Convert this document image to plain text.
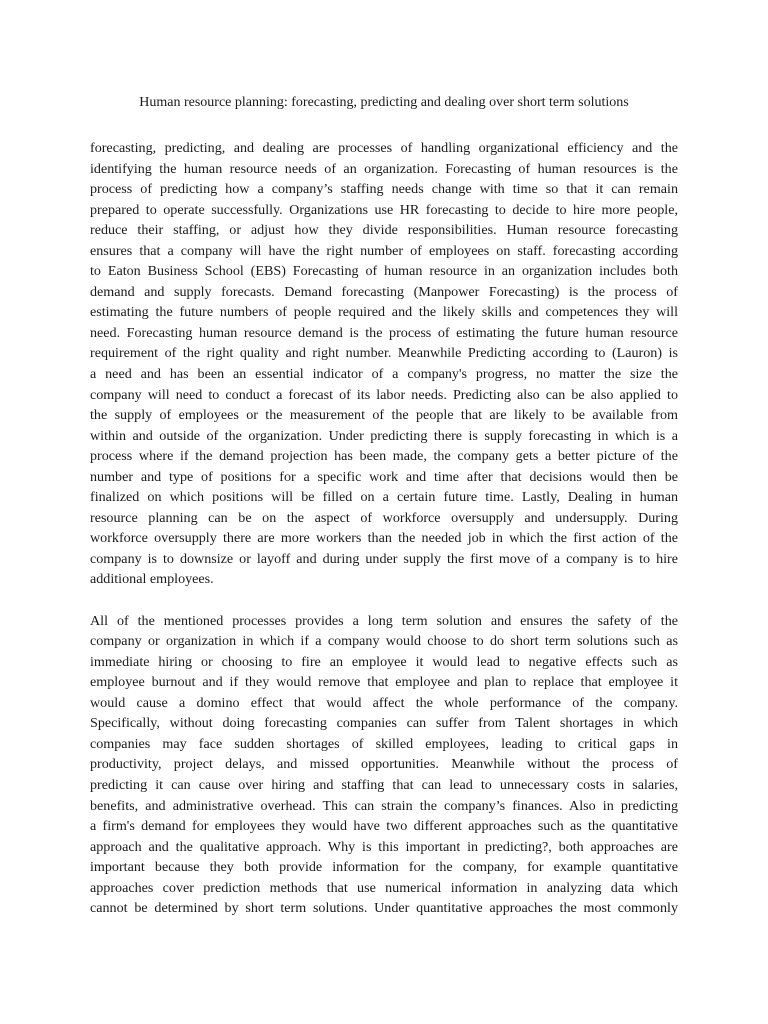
Human resource planning: forecasting, predicting and dealing over short term solutions

forecasting, predicting, and dealing are processes of handling organizational efficiency and the
identifying the human resource needs of an organization. Forecasting of human resources is the
process of predicting how a company’s staffing needs change with time so that it can remain
prepared to operate successfully. Organizations use HR forecasting to decide to hire more people,
reduce their staffing, or adjust how they divide responsibilities. Human resource forecasting
ensures that a company will have the right number of employees on staff. forecasting according
to Eaton Business School (EBS) Forecasting of human resource in an organization includes both
demand and supply forecasts. Demand forecasting (Manpower Forecasting) is the process of
estimating the future numbers of people required and the likely skills and competences they will
need. Forecasting human resource demand is the process of estimating the future human resource
requirement of the right quality and right number. Meanwhile Predicting according to (Lauron) is
a need and has been an essential indicator of a company's progress, no matter the size the
company will need to conduct a forecast of its labor needs. Predicting also can be also applied to
the supply of employees or the measurement of the people that are likely to be available from
within and outside of the organization. Under predicting there is supply forecasting in which is a
process where if the demand projection has been made, the company gets a better picture of the
number and type of positions for a specific work and time after that decisions would then be
finalized on which positions will be filled on a certain future time. Lastly, Dealing in human
resource planning can be on the aspect of workforce oversupply and undersupply. During
workforce oversupply there are more workers than the needed job in which the first action of the
company is to downsize or layoff and during under supply the first move of a company is to hire
additional employees.

All of the mentioned processes provides a long term solution and ensures the safety of the
company or organization in which if a company would choose to do short term solutions such as
immediate hiring or choosing to fire an employee it would lead to negative effects such as
employee burnout and if they would remove that employee and plan to replace that employee it
would cause a domino effect that would affect the whole performance of the company.
Specifically, without doing forecasting companies can suffer from Talent shortages in which
companies may face sudden shortages of skilled employees, leading to critical gaps in
productivity, project delays, and missed opportunities. Meanwhile without the process of
predicting it can cause over hiring and staffing that can lead to unnecessary costs in salaries,
benefits, and administrative overhead. This can strain the company’s finances. Also in predicting
a firm's demand for employees they would have two different approaches such as the quantitative
approach and the qualitative approach. Why is this important in predicting?, both approaches are
important because they both provide information for the company, for example quantitative
approaches cover prediction methods that use numerical information in analyzing data which
cannot be determined by short term solutions. Under quantitative approaches the most commonly
